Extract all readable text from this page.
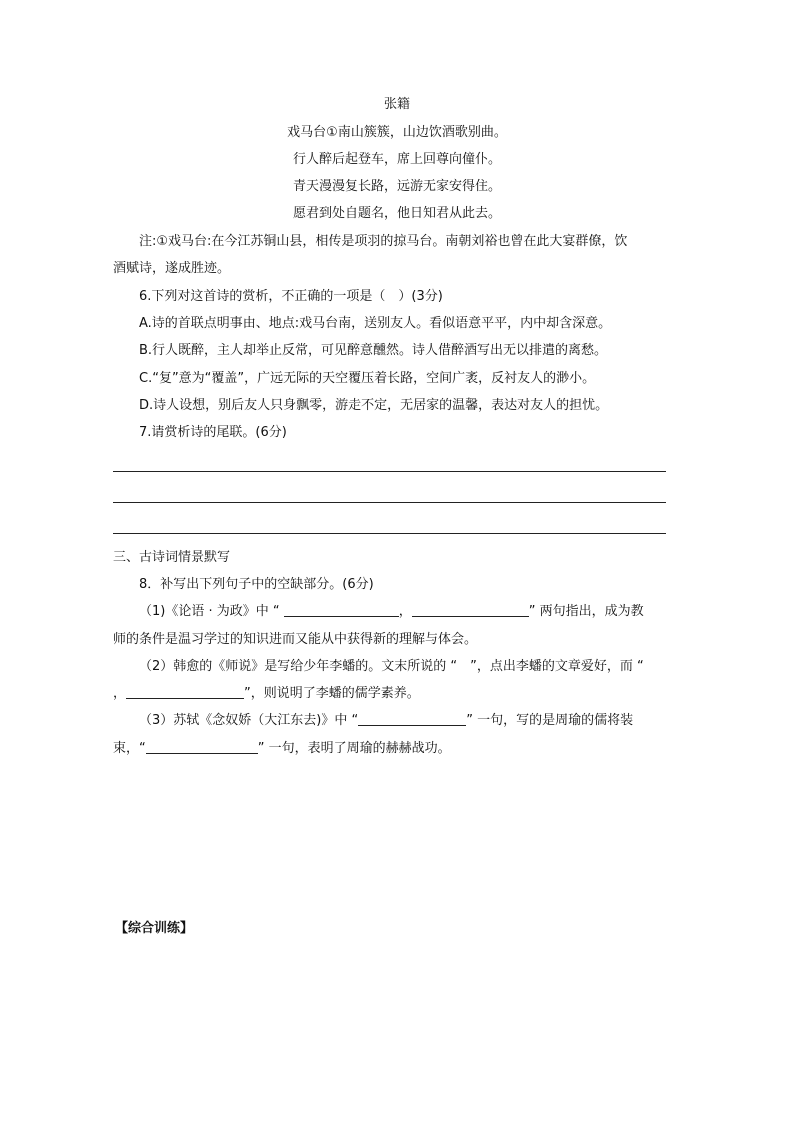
张籍
戏马台①南山簇簇，山边饮酒歌别曲。
行人醉后起登车，席上回尊向僮仆。
青天漫漫复长路，远游无家安得住。
愿君到处自题名，他日知君从此去。
注:①戏马台:在今江苏铜山县，相传是项羽的掠马台。南朝刘裕也曾在此大宴群僚，饮
酒赋诗，遂成胜迹。
6.下列对这首诗的赏析，不正确的一项是（　）(3分)
A.诗的首联点明事由、地点:戏马台南，送别友人。看似语意平平，内中却含深意。
B.行人既醉，主人却举止反常，可见醉意醺然。诗人借醉酒写出无以排遣的离愁。
C.“复”意为“覆盖”，广远无际的天空覆压着长路，空间广袤，反衬友人的渺小。
D.诗人设想，别后友人只身飘零，游走不定，无居家的温馨，表达对友人的担忧。
7.请赏析诗的尾联。(6分)
三、古诗词情景默写
8．补写出下列句子中的空缺部分。(6分)
（1)《论语 · 为政》中 “	，	” 两句指出，成为教
师的条件是温习学过的知识进而又能从中获得新的理解与体会。
（2）韩愈的《师说》是写给少年李蟠的。文末所说的 “　”，点出李蟠的文章爱好，而 “
，	”，则说明了李蟠的儒学素养。
（3）苏轼《念奴娇（大江东去)》中 “	” 一句，写的是周瑜的儒将装
束，“	” 一句，表明了周瑜的赫赫战功。
【综合训练】
